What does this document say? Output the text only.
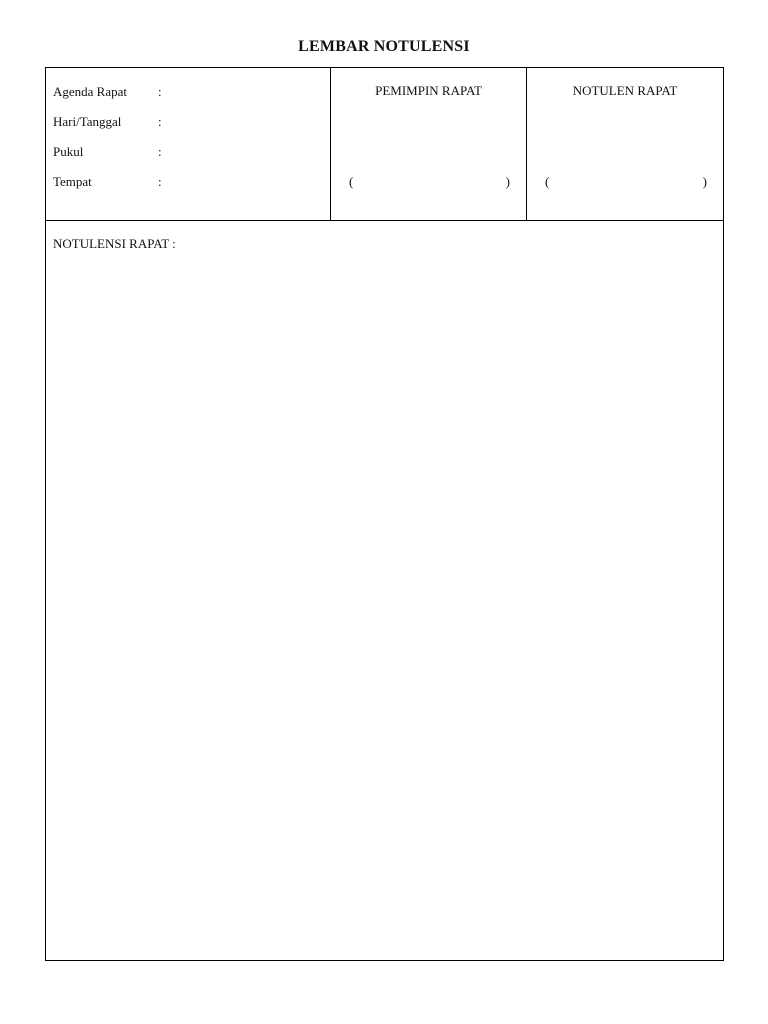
LEMBAR NOTULENSI
Agenda Rapat :
Hari/Tanggal	:
Pukul	:
Tempat	:
PEMIMPIN RAPAT
(	)
NOTULEN RAPAT
(	)
NOTULENSI RAPAT :
